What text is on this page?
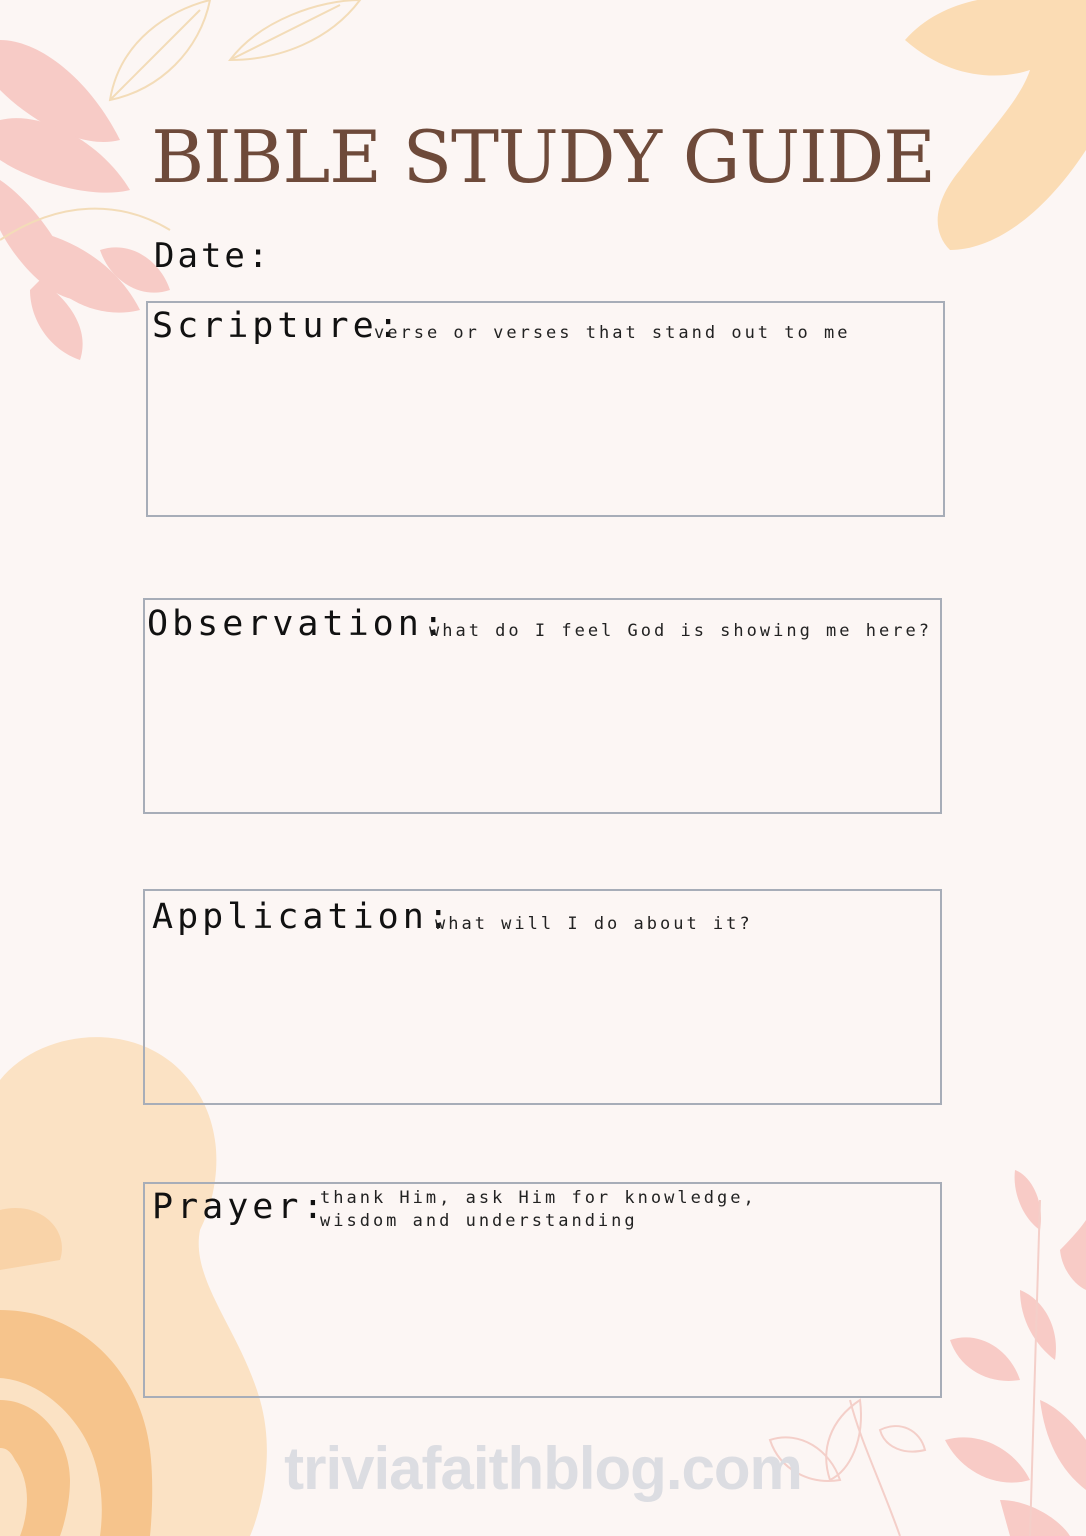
BIBLE STUDY GUIDE
Date:
Scripture:
verse or verses that stand out to me
Observation:
what do I feel God is showing me here?
Application:
what will I do about it?
Prayer:
thank Him, ask Him for knowledge,
wisdom and understanding
triviafaithblog.com
